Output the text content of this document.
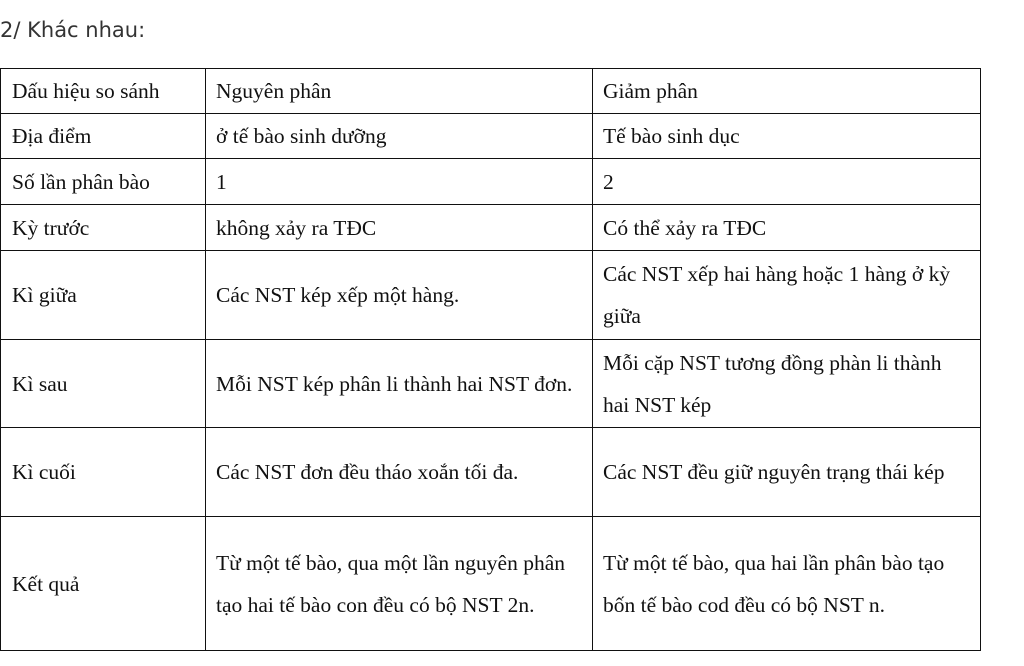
2/ Khác nhau:
Dấu hiệu so sánh	Nguyên phân	Giảm phân
Địa điểm	ở tế bào sinh dưỡng	Tế bào sinh dục
Số lần phân bào	1	2
Kỳ trước	không xảy ra TĐC	Có thể xảy ra TĐC
Kì giữa	Các NST kép xếp một hàng.	Các NST xếp hai hàng hoặc 1 hàng ở kỳ giữa
Kì sau	Mỗi NST kép phân li thành hai NST đơn.	Mỗi cặp NST tương đồng phàn li thành hai NST kép
Kì cuối	Các NST đơn đều tháo xoắn tối đa.	Các NST đều giữ nguyên trạng thái kép
Kết quả	Từ một tế bào, qua một lần nguyên phân tạo hai tế bào con đều có bộ NST 2n.	Từ một tế bào, qua hai lần phân bào tạo bốn tế bào cod đều có bộ NST n.
